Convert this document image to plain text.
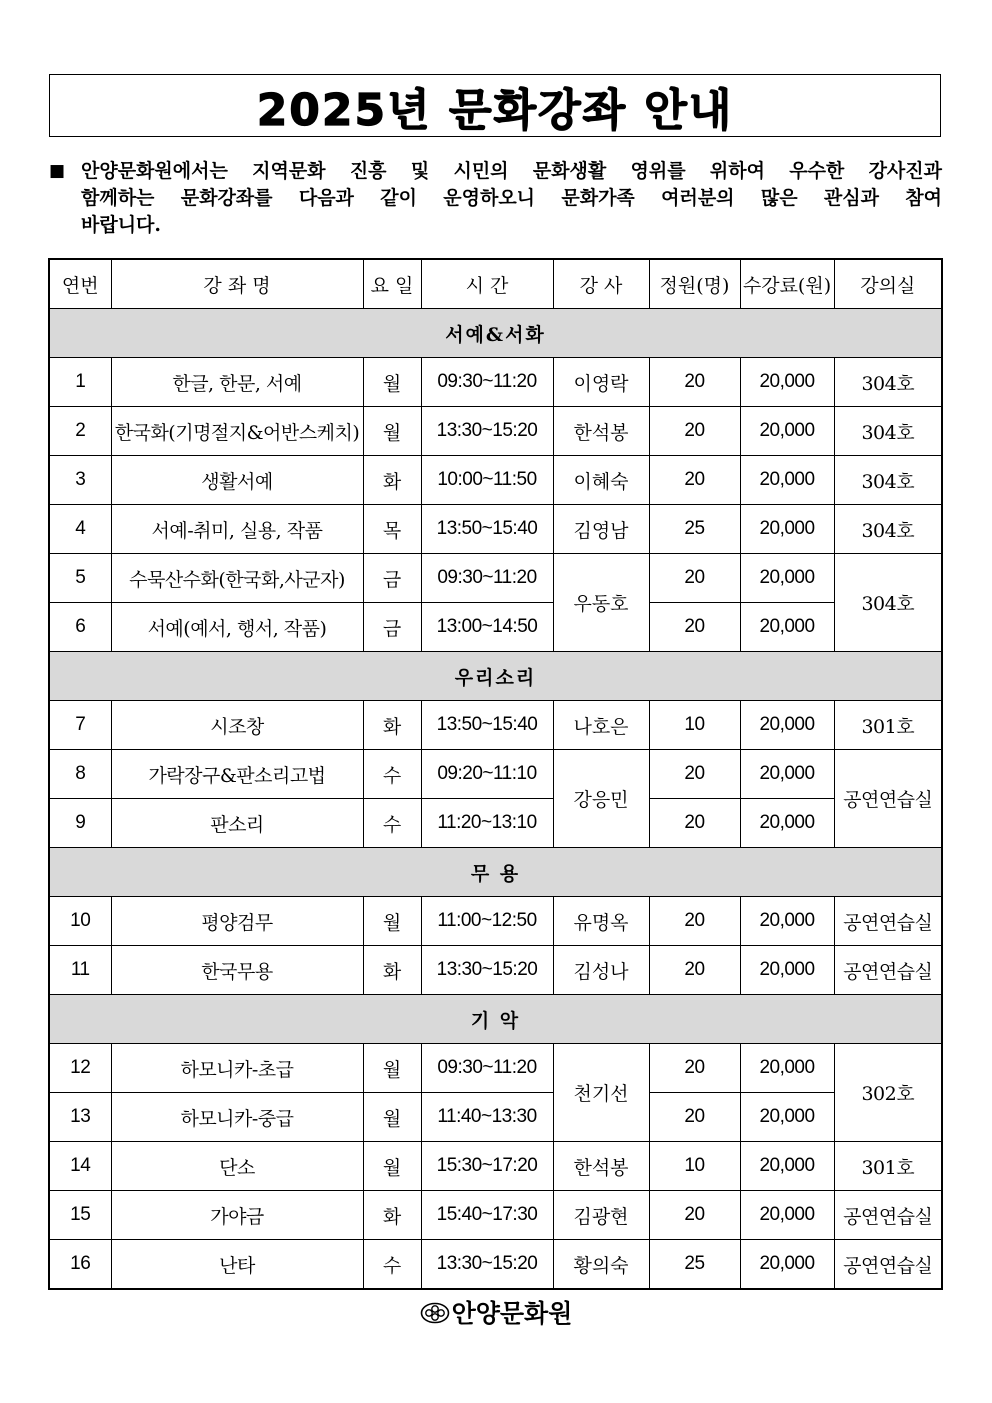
2025년 문화강좌 안내
■ 안양문화원에서는 지역문화 진흥 및 시민의 문화생활 영위를 위하여 우수한 강사진과
함께하는 문화강좌를 다음과 같이 운영하오니 문화가족 여러분의 많은 관심과 참여
바랍니다.
연번	강 좌 명	요 일	시 간	강 사	정원(명)	수강료(원)	강의실
서예&서화							
1	한글, 한문, 서예	월	09:30~11:20	이영락	20	20,000	304호
2	한국화(기명절지&어반스케치)	월	13:30~15:20	한석봉	20	20,000	304호
3	생활서예	화	10:00~11:50	이혜숙	20	20,000	304호
4	서예-취미, 실용, 작품	목	13:50~15:40	김영남	25	20,000	304호
5	수묵산수화(한국화,사군자)	금	09:30~11:20	우동호	20	20,000	304호
6	서예(예서, 행서, 작품)	금	13:00~14:50		20	20,000	
우리소리							
7	시조창	화	13:50~15:40	나호은	10	20,000	301호
8	가락장구&판소리고법	수	09:20~11:10	강응민	20	20,000	공연연습실
9	판소리	수	11:20~13:10		20	20,000	
무 용							
10	평양검무	월	11:00~12:50	유명옥	20	20,000	공연연습실
11	한국무용	화	13:30~15:20	김성나	20	20,000	공연연습실
기 악							
12	하모니카-초급	월	09:30~11:20	천기선	20	20,000	302호
13	하모니카-중급	월	11:40~13:30		20	20,000	
14	단소	월	15:30~17:20	한석봉	10	20,000	301호
15	가야금	화	15:40~17:30	김광현	20	20,000	공연연습실
16	난타	수	13:30~15:20	황의숙	25	20,000	공연연습실
안양문화원
